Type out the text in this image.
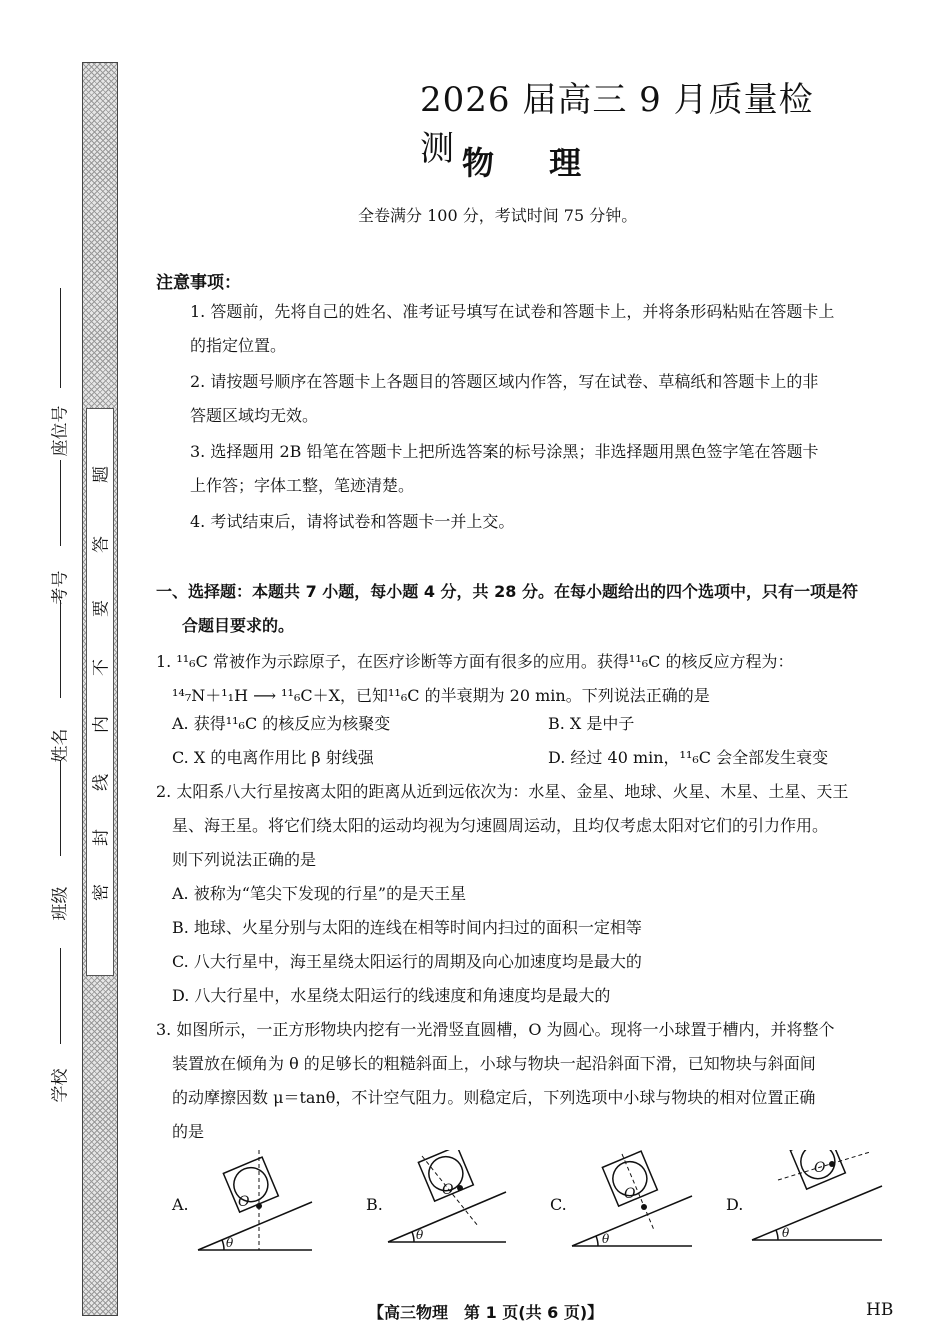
密
封
线
内
不
要
答
题
学校
班级
姓名
考号
座位号
2026 届高三 9 月质量检测 物 理
全卷满分 100 分，考试时间 75 分钟。
注意事项：
1. 答题前，先将自己的姓名、准考证号填写在试卷和答题卡上，并将条形码粘贴在答题卡上
的指定位置。
2. 请按题号顺序在答题卡上各题目的答题区域内作答，写在试卷、草稿纸和答题卡上的非
答题区域均无效。
3. 选择题用 2B 铅笔在答题卡上把所选答案的标号涂黑；非选择题用黑色签字笔在答题卡
上作答；字体工整，笔迹清楚。
4. 考试结束后，请将试卷和答题卡一并上交。
一、选择题：本题共 7 小题，每小题 4 分，共 28 分。在每小题给出的四个选项中，只有一项是符
合题目要求的。
1. ¹¹₆C 常被作为示踪原子，在医疗诊断等方面有很多的应用。获得¹¹₆C 的核反应方程为：
¹⁴₇N＋¹₁H ⟶ ¹¹₆C＋X，已知¹¹₆C 的半衰期为 20 min。下列说法正确的是
A. 获得¹¹₆C 的核反应为核聚变	B. X 是中子
C. X 的电离作用比 β 射线强	D. 经过 40 min，¹¹₆C 会全部发生衰变
2. 太阳系八大行星按离太阳的距离从近到远依次为：水星、金星、地球、火星、木星、土星、天王
星、海王星。将它们绕太阳的运动均视为匀速圆周运动，且均仅考虑太阳对它们的引力作用。
则下列说法正确的是
A. 被称为“笔尖下发现的行星”的是天王星
B. 地球、火星分别与太阳的连线在相等时间内扫过的面积一定相等
C. 八大行星中，海王星绕太阳运行的周期及向心加速度均是最大的
D. 八大行星中，水星绕太阳运行的线速度和角速度均是最大的
3. 如图所示，一正方形物块内挖有一光滑竖直圆槽，O 为圆心。现将一小球置于槽内，并将整个
装置放在倾角为 θ 的足够长的粗糙斜面上，小球与物块一起沿斜面下滑，已知物块与斜面间
的动摩擦因数 μ＝tanθ，不计空气阻力。则稳定后，下列选项中小球与物块的相对位置正确
的是
A.	B.	C.	D.
θ
O
θ
O
θ
O
θ
O
【高三物理　第 1 页(共 6 页)】	HB
